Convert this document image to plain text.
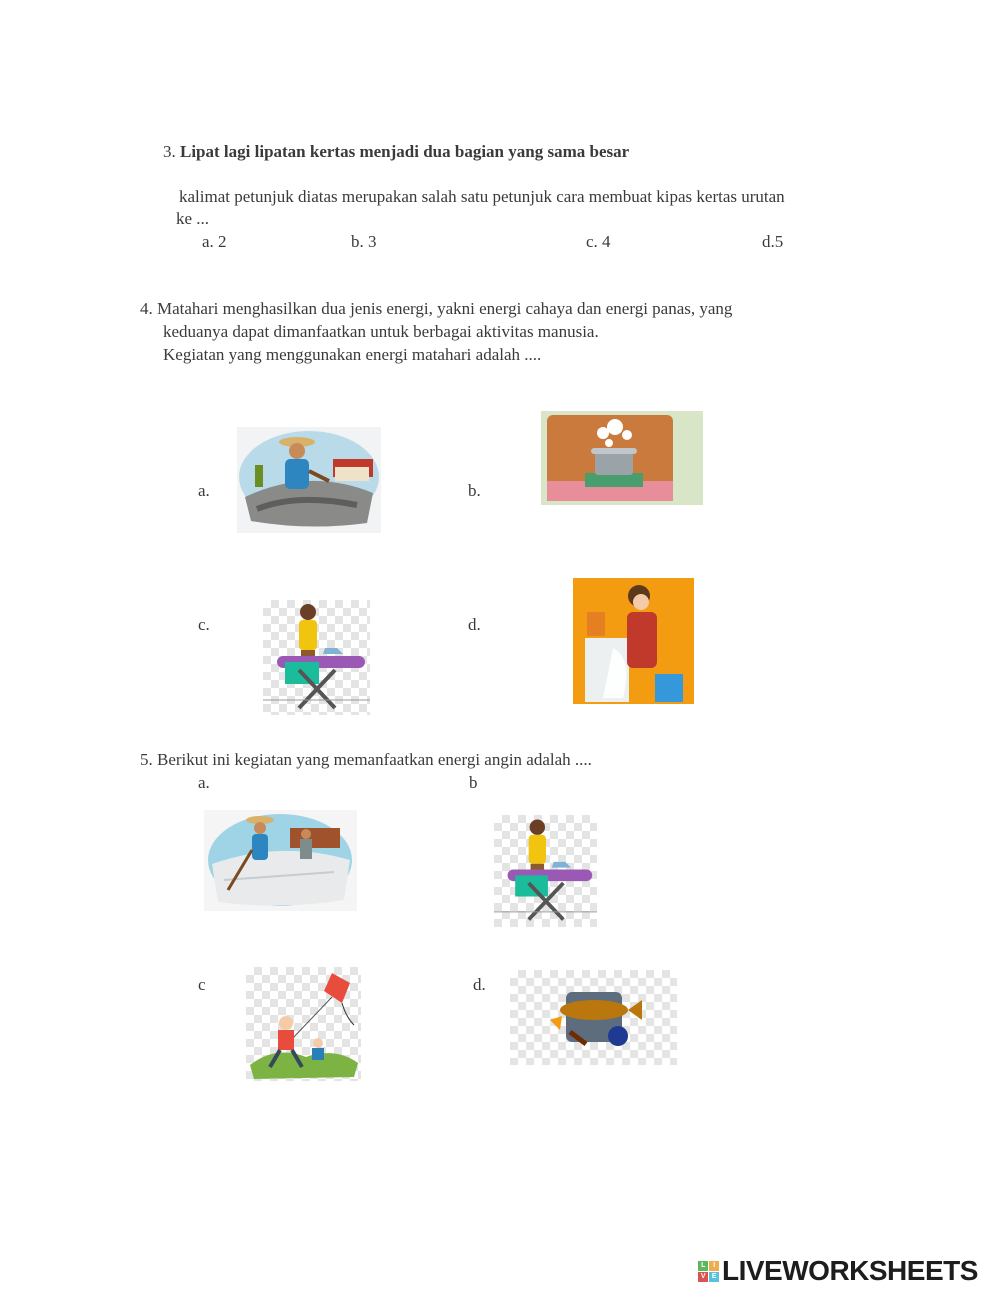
3. Lipat lagi lipatan kertas menjadi dua bagian yang sama besar
kalimat petunjuk diatas merupakan salah satu petunjuk cara membuat kipas kertas urutan
ke ...
a. 2	b. 3	c. 4	d.5
4. Matahari menghasilkan dua jenis energi, yakni energi cahaya dan energi panas, yang
keduanya dapat dimanfaatkan untuk berbagai aktivitas manusia.
Kegiatan yang menggunakan energi matahari adalah ....
a.	b.
c.	d.
5. Berikut ini kegiatan yang memanfaatkan energi angin adalah ....
a.	b
c	d.
L	I
V E LIVEWORKSHEETS
